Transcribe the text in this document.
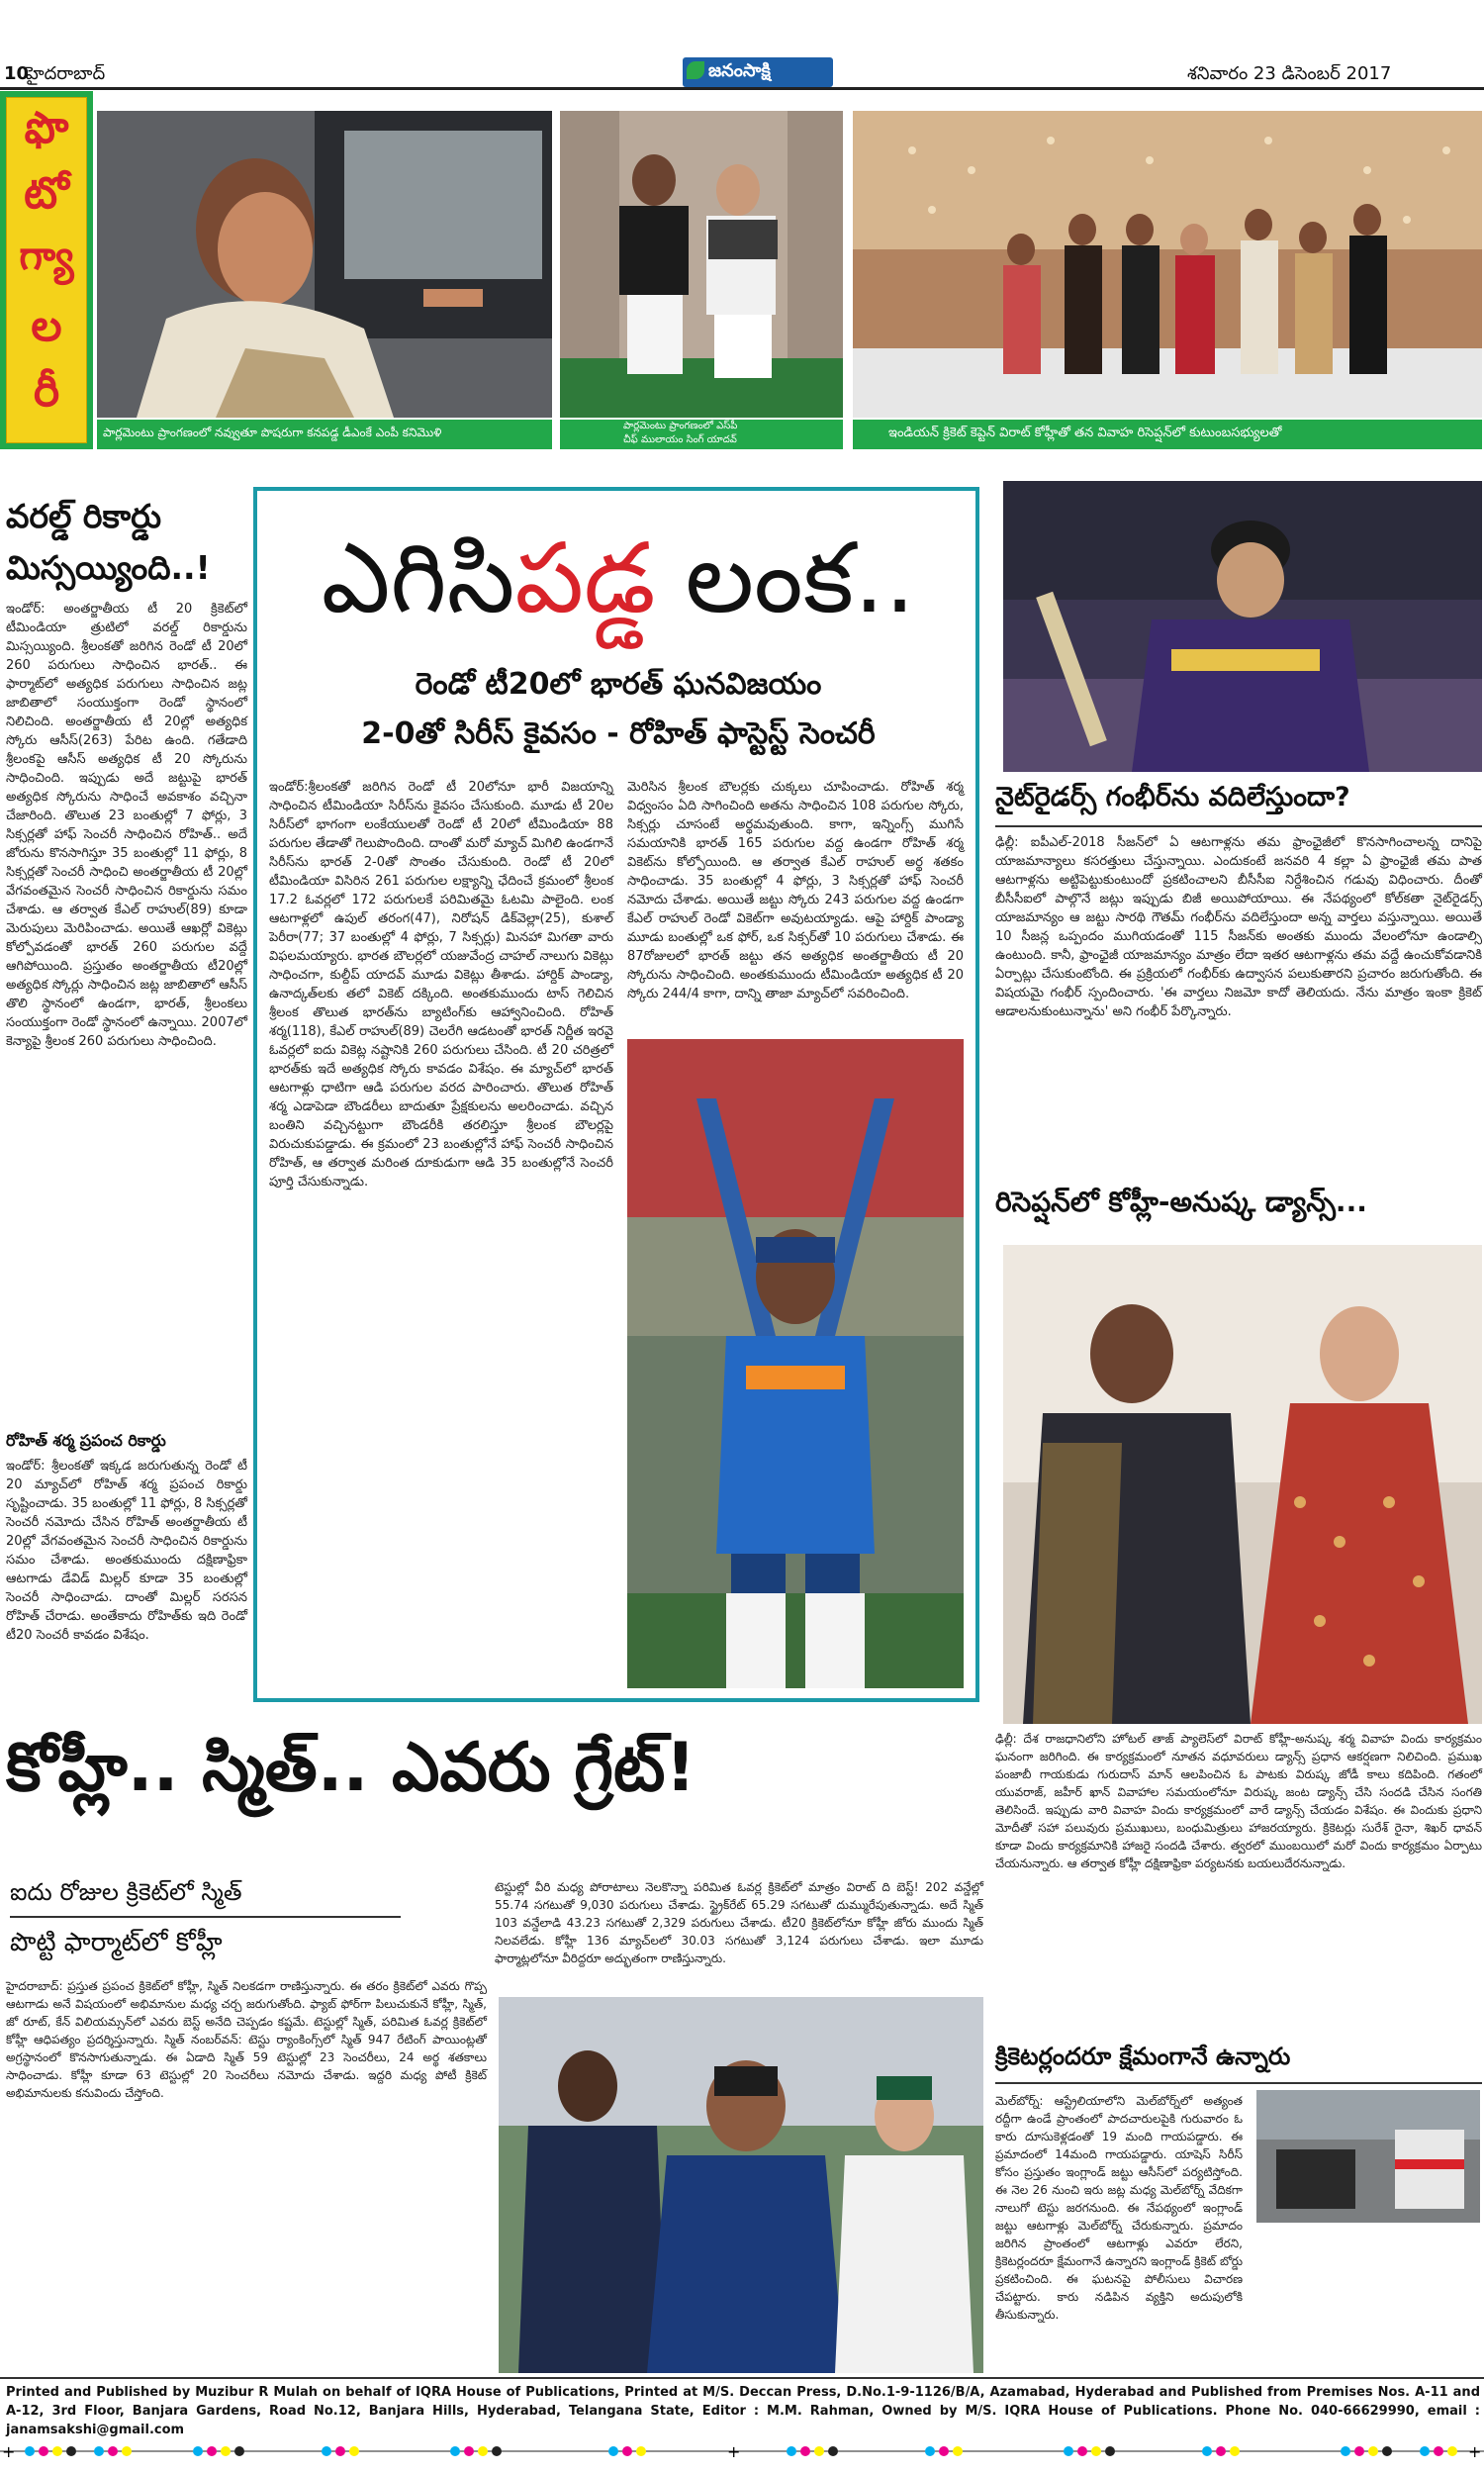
10
హైదరాబాద్	జనంసాక్షి	శనివారం 23 డిసెంబర్ 2017
ఫొ
టో
గ్యా
ల
రీ
పార్లమెంటు ప్రాంగణంలో నవ్వుతూ పొషరుగా కనపడ్డ డీఎంకే ఎంపీ కనిమొళి	పార్లమెంటు ప్రాంగణంలో ఎస్‌పీ
చీఫ్ ములాయం సింగ్ యాదవ్	ఇండియన్ క్రికెట్ కెప్టెన్ విరాట్ కోహ్లీతో తన వివాహ రిసెప్షన్‌లో కుటుంబసభ్యులతో
వరల్డ్ రికార్డు
మిస్సయ్యింది..!
ఇండోర్: అంతర్జాతీయ టీ 20 క్రికెట్‌లో టీమిండియా త్రుటిలో వరల్డ్ రికార్డును మిస్సయ్యింది. శ్రీలంకతో జరిగిన రెండో టీ 20లో 260 పరుగులు సాధించిన భారత్.. ఈ ఫార్మాట్‌లో అత్యధిక పరుగులు సాధించిన జట్ల జాబితాలో సంయుక్తంగా రెండో స్థానంలో నిలిచింది. అంతర్జాతీయ టీ 20ల్లో అత్యధిక స్కోరు ఆసీస్(263) పేరిట ఉంది. గతేడాది శ్రీలంకపై ఆసీస్ అత్యధిక టీ 20 స్కోరును సాధించింది. ఇప్పుడు అదే జట్టుపై భారత్ అత్యధిక స్కోరును సాధించే అవకాశం వచ్చినా చేజారింది. తొలుత 23 బంతుల్లో 7 ఫోర్లు, 3 సిక్సర్లతో హాఫ్ సెంచరీ సాధించిన రోహిత్.. అదే జోరును కొనసాగిస్తూ 35 బంతుల్లో 11 ఫోర్లు, 8 సిక్సర్లతో సెంచరీ సాధించి అంతర్జాతీయ టీ 20ల్లో వేగవంతమైన సెంచరీ సాధించిన రికార్డును సమం చేశాడు. ఆ తర్వాత కేఎల్ రాహుల్(89) కూడా మెరుపులు మెరిపించాడు. అయితే ఆఖర్లో వికెట్లు కోల్పోవడంతో భారత్ 260 పరుగుల వద్దే ఆగిపోయింది. ప్రస్తుతం అంతర్జాతీయ టీ20ల్లో అత్యధిక స్కోర్లు సాధించిన జట్ల జాబితాలో ఆసీస్ తొలి స్థానంలో ఉండగా, భారత్, శ్రీలంకలు సంయుక్తంగా రెండో స్థానంలో ఉన్నాయి. 2007లో కెన్యాపై శ్రీలంక 260 పరుగులు సాధించింది.
రోహిత్ శర్మ ప్రపంచ రికార్డు
ఇండోర్: శ్రీలంకతో ఇక్కడ జరుగుతున్న రెండో టీ 20 మ్యాచ్‌లో రోహిత్ శర్మ ప్రపంచ రికార్డు సృష్టించాడు. 35 బంతుల్లో 11 ఫోర్లు, 8 సిక్సర్లతో సెంచరీ నమోదు చేసిన రోహిత్ అంతర్జాతీయ టీ 20ల్లో వేగవంతమైన సెంచరీ సాధించిన రికార్డును సమం చేశాడు. అంతకుముందు దక్షిణాఫ్రికా ఆటగాడు డేవిడ్ మిల్లర్ కూడా 35 బంతుల్లో సెంచరీ సాధించాడు. దాంతో మిల్లర్ సరసన రోహిత్ చేరాడు. అంతేకాదు రోహిత్‌కు ఇది రెండో టీ20 సెంచరీ కావడం విశేషం.
ఎగిసిపడ్డ లంక..
రెండో టీ20లో భారత్ ఘనవిజయం
2-0తో సిరీస్ కైవసం - రోహిత్ ఫాస్టెస్ట్ సెంచరీ
ఇండోర్:శ్రీలంకతో జరిగిన రెండో టీ 20లోనూ భారీ విజయాన్ని సాధించిన టీమిండియా సిరీస్‌ను కైవసం చేసుకుంది. మూడు టీ 20ల సిరీస్‌లో భాగంగా లంకేయులతో రెండో టీ 20లో టీమిండియా 88 పరుగుల తేడాతో గెలుపొందింది. దాంతో మరో మ్యాచ్ మిగిలి ఉండగానే సిరీస్‌ను భారత్ 2-0తో సొంతం చేసుకుంది. రెండో టీ 20లో టీమిండియా విసిరిన 261 పరుగుల లక్ష్యాన్ని ఛేదించే క్రమంలో శ్రీలంక 17.2 ఓవర్లలో 172 పరుగులకే పరిమితమై ఓటమి పాలైంది. లంక ఆటగాళ్లలో ఉపుల్ తరంగ(47), నిరోషన్ డిక్‌వెల్లా(25), కుశాల్ పెరీరా(77; 37 బంతుల్లో 4 ఫోర్లు, 7 సిక్సర్లు) మినహా మిగతా వారు విఫలమయ్యారు. భారత బౌలర్లలో యజువేంద్ర చాహల్ నాలుగు వికెట్లు సాధించగా, కుల్దీప్ యాదవ్ మూడు వికెట్లు తీశాడు. హార్దిక్ పాండ్యా, ఉనాద్కత్‌లకు తలో వికెట్ దక్కింది. అంతకుముందు టాస్ గెలిచిన శ్రీలంక తొలుత భారత్‌ను బ్యాటింగ్‌కు ఆహ్వానించింది. రోహిత్ శర్మ(118), కేఎల్ రాహుల్(89) చెలరేగి ఆడటంతో భారత్ నిర్ణీత ఇరవై ఓవర్లలో ఐదు వికెట్ల నష్టానికి 260 పరుగులు చేసింది. టీ 20 చరిత్రలో భారత్‌కు ఇదే అత్యధిక స్కోరు కావడం విశేషం. ఈ మ్యాచ్‌లో భారత్ ఆటగాళ్లు ధాటిగా ఆడి పరుగుల వరద పారించారు. తొలుత రోహిత్ శర్మ ఎడాపెడా బౌండరీలు బాదుతూ ప్రేక్షకులను అలరించాడు. వచ్చిన బంతిని వచ్చినట్టుగా బౌండరీకి తరలిస్తూ శ్రీలంక బౌలర్లపై విరుచుకుపడ్డాడు. ఈ క్రమంలో 23 బంతుల్లోనే హాఫ్ సెంచరీ సాధించిన రోహిత్, ఆ తర్వాత మరింత దూకుడుగా ఆడి 35 బంతుల్లోనే సెంచరీ పూర్తి చేసుకున్నాడు.
మెరిసిన శ్రీలంక బౌలర్లకు చుక్కలు చూపించాడు. రోహిత్ శర్మ విధ్వంసం ఏది సాగించింది అతను సాధించిన 108 పరుగుల స్కోరు, సిక్సర్లు చూసంటే అర్థమవుతుంది. కాగా, ఇన్నింగ్స్ ముగిసే సమయానికి భారత్ 165 పరుగుల వద్ద ఉండగా రోహిత్ శర్మ వికెట్‌ను కోల్పోయింది. ఆ తర్వాత కేఎల్ రాహుల్ అర్థ శతకం సాధించాడు. 35 బంతుల్లో 4 ఫోర్లు, 3 సిక్సర్లతో హాఫ్ సెంచరీ నమోదు చేశాడు. అయితే జట్టు స్కోరు 243 పరుగుల వద్ద ఉండగా కేఎల్ రాహుల్ రెండో వికెట్‌గా అవుటయ్యాడు. ఆపై హార్దిక్ పాండ్యా మూడు బంతుల్లో ఒక ఫోర్, ఒక సిక్సర్‌తో 10 పరుగులు చేశాడు. ఈ 87రోజులలో భారత్ జట్టు తన అత్యధిక అంతర్జాతీయ టీ 20 స్కోరును సాధించింది. అంతకుముందు టీమిండియా అత్యధిక టీ 20 స్కోరు 244/4 కాగా, దాన్ని తాజా మ్యాచ్‌లో సవరించింది.
నైట్‌రైడర్స్ గంభీర్‌ను వదిలేస్తుందా?
ఢిల్లీ: ఐపీఎల్-2018 సీజన్‌లో ఏ ఆటగాళ్లను తమ ఫ్రాంఛైజీలో కొనసాగించాలన్న దానిపై యాజమాన్యాలు కసరత్తులు చేస్తున్నాయి. ఎందుకంటే జనవరి 4 కల్లా ఏ ఫ్రాంఛైజీ తమ పాత ఆటగాళ్లను అట్టిపెట్టుకుంటుందో ప్రకటించాలని బీసీసీఐ నిర్దేశించిన గడువు విధించారు. దీంతో బీసీసీఐలో పాల్గొనే జట్లు ఇప్పుడు బిజీ అయిపోయాయి. ఈ నేపథ్యంలో కోల్‌కతా నైట్‌రైడర్స్ యాజమాన్యం ఆ జట్టు సారథి గౌతమ్ గంభీర్‌ను వదిలేస్తుందా అన్న వార్తలు వస్తున్నాయి. అయితే 10 సీజన్ల ఒప్పందం ముగియడంతో 115 సీజన్‌కు అంతకు ముందు వేలంలోనూ ఉండాల్సి ఉంటుంది. కానీ, ఫ్రాంఛైజీ యాజమాన్యం మాత్రం లేదా ఇతర ఆటగాళ్లను తమ వద్దే ఉంచుకోవడానికి ఏర్పాట్లు చేసుకుంటోంది. ఈ ప్రక్రియలో గంభీర్‌కు ఉద్వాసన పలుకుతారని ప్రచారం జరుగుతోంది. ఈ విషయమై గంభీర్ స్పందించారు. 'ఈ వార్తలు నిజమో కాదో తెలియదు. నేను మాత్రం ఇంకా క్రికెట్ ఆడాలనుకుంటున్నాను' అని గంభీర్ పేర్కొన్నారు.
రిసెప్షన్‌లో కోహ్లీ-అనుష్క డ్యాన్స్...
ఢిల్లీ: దేశ రాజధానిలోని హోటల్ తాజ్ ప్యాలెస్‌లో విరాట్ కోహ్లీ-అనుష్క శర్మ వివాహ విందు కార్యక్రమం ఘనంగా జరిగింది. ఈ కార్యక్రమంలో నూతన వధూవరులు డ్యాన్స్ ప్రధాన ఆకర్షణగా నిలిచింది. ప్రముఖ పంజాబీ గాయకుడు గురుదాస్ మాన్ ఆలపించిన ఓ పాటకు విరుష్క జోడీ కాలు కదిపింది. గతంలో యువరాజ్, జహీర్ ఖాన్ వివాహాల సమయంలోనూ విరుష్క జంట డ్యాన్స్ చేసి సందడి చేసిన సంగతి తెలిసిందే. ఇప్పుడు వారి వివాహ విందు కార్యక్రమంలో వారే డ్యాన్స్ చేయడం విశేషం. ఈ విందుకు ప్రధాని మోదీతో సహా పలువురు ప్రముఖులు, బంధుమిత్రులు హాజరయ్యారు. క్రికెటర్లు సురేశ్ రైనా, శిఖర్ ధావన్ కూడా విందు కార్యక్రమానికి హాజరై సందడి చేశారు. త్వరలో ముంబయిలో మరో విందు కార్యక్రమం ఏర్పాటు చేయనున్నారు. ఆ తర్వాత కోహ్లీ దక్షిణాఫ్రికా పర్యటనకు బయలుదేరనున్నాడు.
క్రికెటర్లందరూ క్షేమంగానే ఉన్నారు
మెల్‌బోర్న్: ఆస్ట్రేలియాలోని మెల్‌బోర్న్‌లో అత్యంత రద్దీగా ఉండే ప్రాంతంలో పాదచారులపైకి గురువారం ఓ కారు దూసుకెళ్లడంతో 19 మంది గాయపడ్డారు. ఈ ప్రమాదంలో 14మంది గాయపడ్డారు. యాషెస్ సిరీస్ కోసం ప్రస్తుతం ఇంగ్లాండ్ జట్టు ఆసీస్‌లో పర్యటిస్తోంది. ఈ నెల 26 నుంచి ఇరు జట్ల మధ్య మెల్‌బోర్న్ వేదికగా నాలుగో టెస్టు జరగనుంది. ఈ నేపథ్యంలో ఇంగ్లాండ్ జట్టు ఆటగాళ్లు మెల్‌బోర్న్ చేరుకున్నారు. ప్రమాదం జరిగిన ప్రాంతంలో ఆటగాళ్లు ఎవరూ లేరని, క్రికెటర్లందరూ క్షేమంగానే ఉన్నారని ఇంగ్లాండ్ క్రికెట్ బోర్డు ప్రకటించింది. ఈ ఘటనపై పోలీసులు విచారణ చేపట్టారు. కారు నడిపిన వ్యక్తిని అదుపులోకి తీసుకున్నారు.
కోహ్లీ.. స్మిత్.. ఎవరు గ్రేట్!
ఐదు రోజుల క్రికెట్‌లో స్మిత్
పొట్టి ఫార్మాట్‌లో కోహ్లీ
హైదరాబాద్: ప్రస్తుత ప్రపంచ క్రికెట్‌లో కోహ్లీ, స్మిత్ నిలకడగా రాణిస్తున్నారు. ఈ తరం క్రికెట్‌లో ఎవరు గొప్ప ఆటగాడు అనే విషయంలో అభిమానుల మధ్య చర్చ జరుగుతోంది. ఫ్యాబ్ ఫోర్‌గా పిలుచుకునే కోహ్లీ, స్మిత్, జో రూట్, కేన్ విలియమ్సన్‌లో ఎవరు బెస్ట్ అనేది చెప్పడం కష్టమే. టెస్టుల్లో స్మిత్, పరిమిత ఓవర్ల క్రికెట్‌లో కోహ్లీ ఆధిపత్యం ప్రదర్శిస్తున్నారు. స్మిత్ నంబర్‌వన్: టెస్టు ర్యాంకింగ్స్‌లో స్మిత్ 947 రేటింగ్ పాయింట్లతో అగ్రస్థానంలో కొనసాగుతున్నాడు. ఈ ఏడాది స్మిత్ 59 టెస్టుల్లో 23 సెంచరీలు, 24 అర్థ శతకాలు సాధించాడు. కోహ్లీ కూడా 63 టెస్టుల్లో 20 సెంచరీలు నమోదు చేశాడు. ఇద్దరి మధ్య పోటీ క్రికెట్ అభిమానులకు కనువిందు చేస్తోంది.
టెస్టుల్లో వీరి మధ్య పోరాటాలు నెలకొన్నా పరిమిత ఓవర్ల క్రికెట్‌లో మాత్రం విరాట్ ది బెస్ట్! 202 వన్డేల్లో 55.74 సగటుతో 9,030 పరుగులు చేశాడు. స్ట్రైక్‌రేట్ 65.29 సగటుతో దుమ్మురేపుతున్నాడు. అదే స్మిత్ 103 వన్డేలాడి 43.23 సగటుతో 2,329 పరుగులు చేశాడు. టీ20 క్రికెట్‌లోనూ కోహ్లీ జోరు ముందు స్మిత్ నిలవలేడు. కోహ్లీ 136 మ్యాచ్‌లలో 30.03 సగటుతో 3,124 పరుగులు చేశాడు. ఇలా మూడు ఫార్మాట్లలోనూ వీరిద్దరూ అద్భుతంగా రాణిస్తున్నారు.
Printed and Published by Muzibur R Mulah on behalf of IQRA House of Publications, Printed at M/S. Deccan Press, D.No.1-9-1126/B/A, Azamabad, Hyderabad and Published from Premises Nos. A-11 and A-12, 3rd Floor, Banjara Gardens, Road No.12, Banjara Hills, Hyderabad, Telangana State, Editor : M.M. Rahman, Owned by M/S. IQRA House of Publications. Phone No. 040-66629990, email : janamsakshi@gmail.com
+	+	+
